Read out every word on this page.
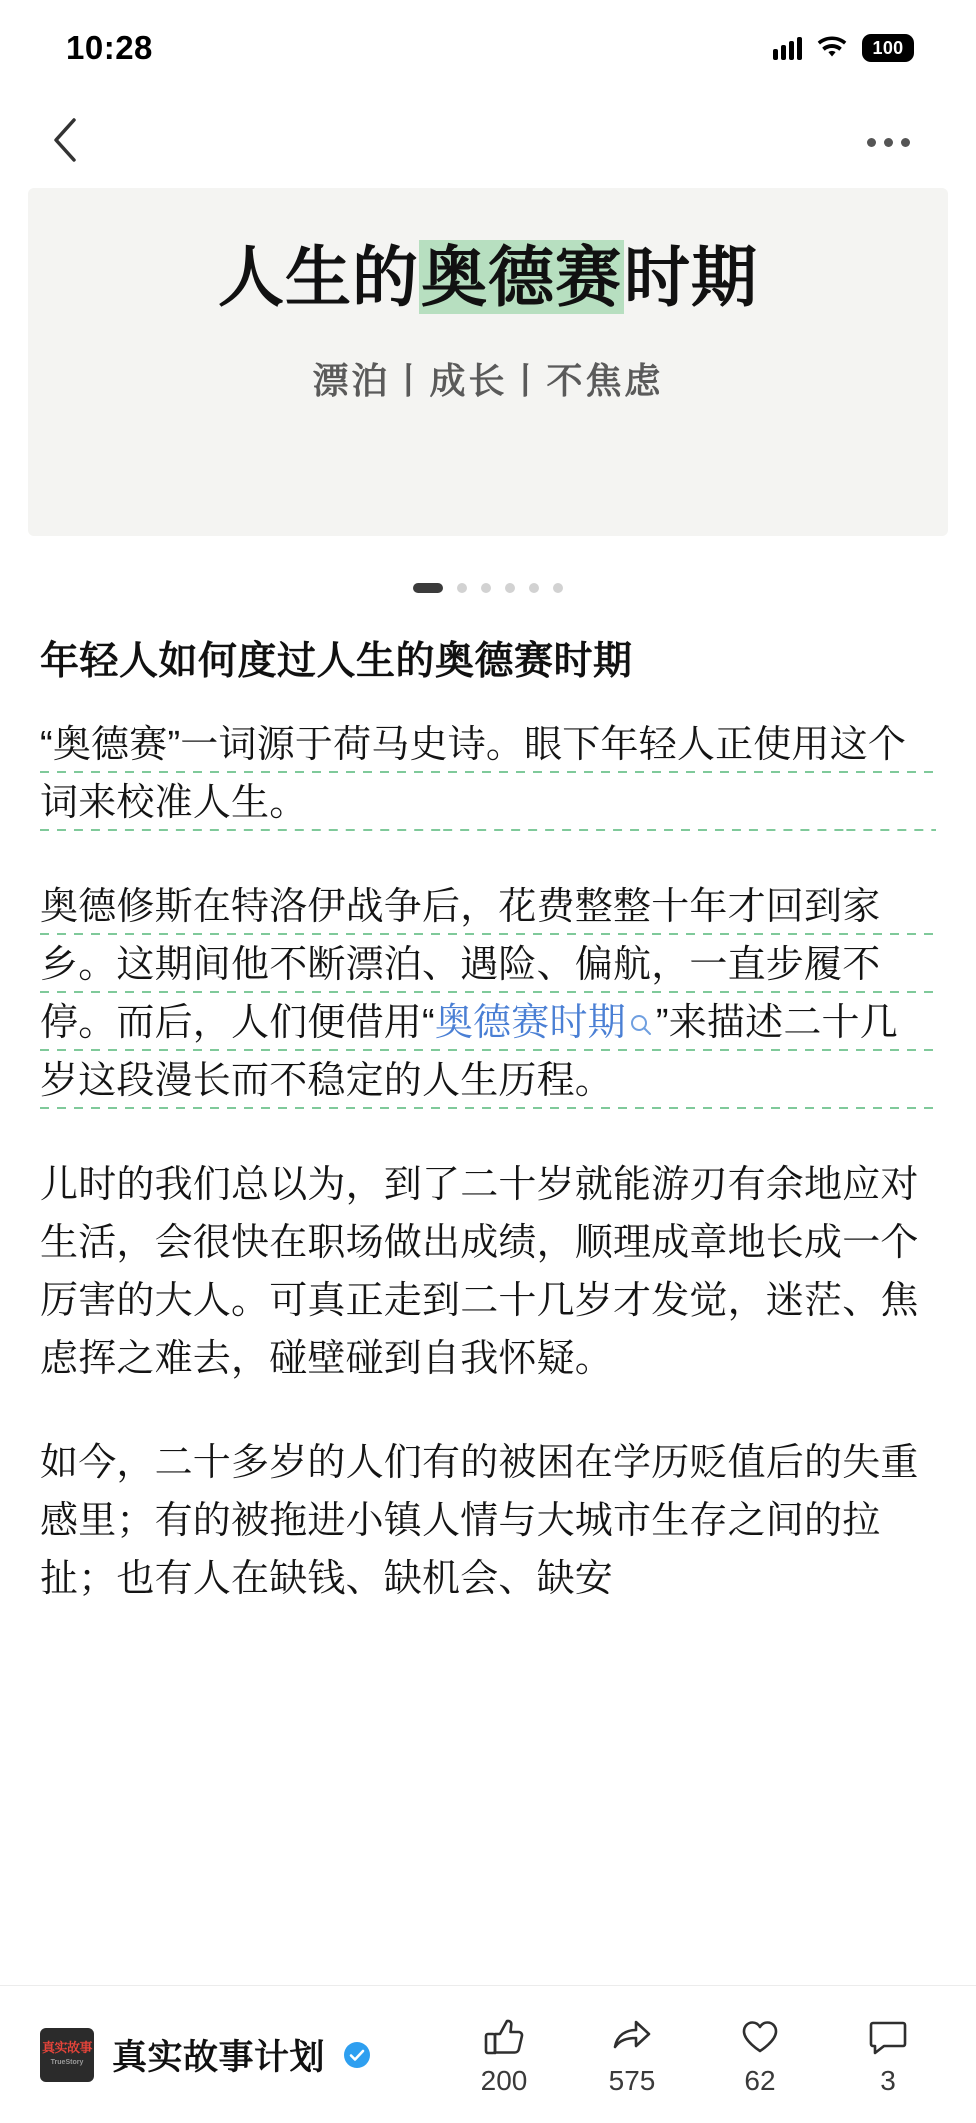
10:28	100
人生的奥德赛时期
漂泊丨成长丨不焦虑
年轻人如何度过人生的奥德赛时期

“奥德赛”一词源于荷马史诗。眼下年轻人正使用这个词来校准人生。

奥德修斯在特洛伊战争后，花费整整十年才回到家乡。这期间他不断漂泊、遇险、偏航，一直步履不停。而后，人们便借用“奥德赛时期 ”来描述二十几岁这段漫长而不稳定的人生历程。

儿时的我们总以为，到了二十岁就能游刃有余地应对生活，会很快在职场做出成绩，顺理成章地长成一个厉害的大人。可真正走到二十几岁才发觉，迷茫、焦虑挥之难去，碰壁碰到自我怀疑。

如今，二十多岁的人们有的被困在学历贬值后的失重感里；有的被拖进小镇人情与大城市生存之间的拉扯；也有人在缺钱、缺机会、缺安

真实故事
TrueStory 真实故事计划
200	575	62	3
